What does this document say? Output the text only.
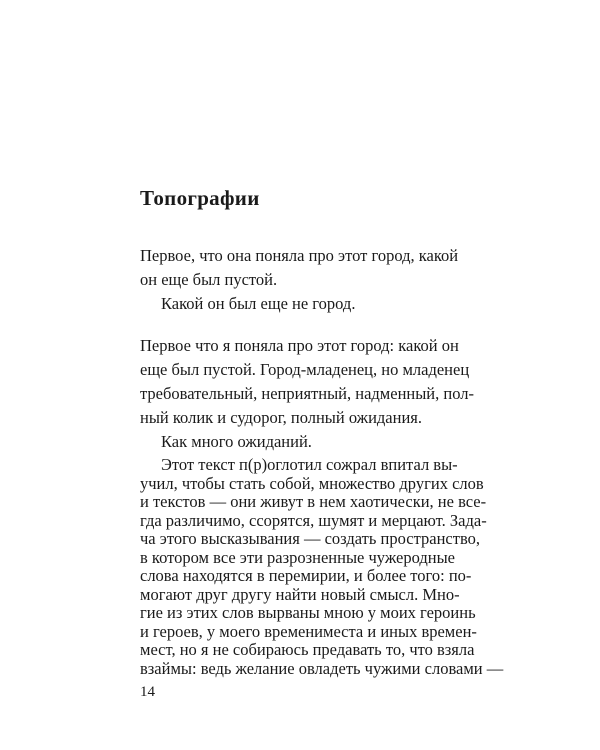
Топографии

Первое, что она поняла про этот город, какой

он еще был пустой.

Какой он был еще не город.

Первое что я поняла про этот город: какой он

еще был пустой. Город-младенец, но младенец

требовательный, неприятный, надменный, пол-

ный колик и судорог, полный ожидания.

Как много ожиданий.

14

Этот текст п(р)оглотил сожрал впитал вы-

учил, чтобы стать собой, множество других слов

и текстов — они живут в нем хаотически, не все-

гда различимо, ссорятся, шумят и мерцают. Зада-

ча этого высказывания — создать пространство,

в котором все эти разрозненные чужеродные

слова находятся в перемирии, и более того: по-

могают друг другу найти новый смысл. Мно-

гие из этих слов вырваны мною у моих героинь

и героев, у моего времениместа и иных времен-

мест, но я не собираюсь предавать то, что взяла

взаймы: ведь желание овладеть чужими словами —
